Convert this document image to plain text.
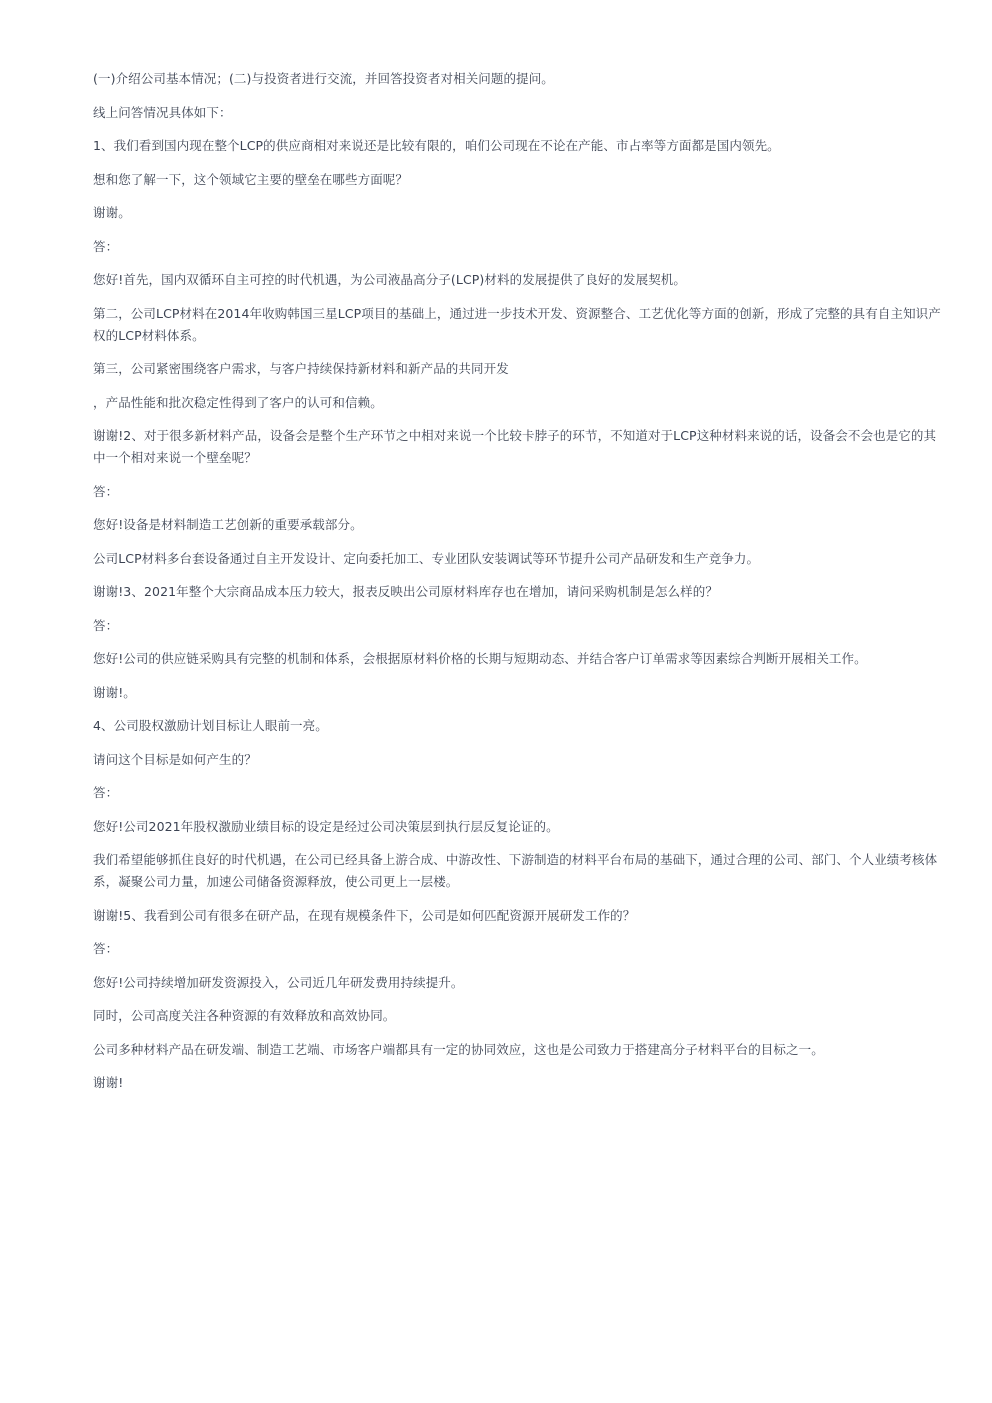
(一)介绍公司基本情况；(二)与投资者进行交流，并回答投资者对相关问题的提问。

线上问答情况具体如下：

1、我们看到国内现在整个LCP的供应商相对来说还是比较有限的，咱们公司现在不论在产能、市占率等方面都是国内领先。

想和您了解一下，这个领域它主要的壁垒在哪些方面呢？

谢谢。

答：

您好!首先，国内双循环自主可控的时代机遇，为公司液晶高分子(LCP)材料的发展提供了良好的发展契机。

第二，公司LCP材料在2014年收购韩国三星LCP项目的基础上，通过进一步技术开发、资源整合、工艺优化等方面的创新，形成了完整的具有自主知识产权的LCP材料体系。

第三，公司紧密围绕客户需求，与客户持续保持新材料和新产品的共同开发

，产品性能和批次稳定性得到了客户的认可和信赖。

谢谢!2、对于很多新材料产品，设备会是整个生产环节之中相对来说一个比较卡脖子的环节，不知道对于LCP这种材料来说的话，设备会不会也是它的其中一个相对来说一个壁垒呢？

答：

您好!设备是材料制造工艺创新的重要承载部分。

公司LCP材料多台套设备通过自主开发设计、定向委托加工、专业团队安装调试等环节提升公司产品研发和生产竞争力。

谢谢!3、2021年整个大宗商品成本压力较大，报表反映出公司原材料库存也在增加，请问采购机制是怎么样的？

答：

您好!公司的供应链采购具有完整的机制和体系，会根据原材料价格的长期与短期动态、并结合客户订单需求等因素综合判断开展相关工作。

谢谢!。

4、公司股权激励计划目标让人眼前一亮。

请问这个目标是如何产生的？

答：

您好!公司2021年股权激励业绩目标的设定是经过公司决策层到执行层反复论证的。

我们希望能够抓住良好的时代机遇，在公司已经具备上游合成、中游改性、下游制造的材料平台布局的基础下，通过合理的公司、部门、个人业绩考核体系，凝聚公司力量，加速公司储备资源释放，使公司更上一层楼。

谢谢!5、我看到公司有很多在研产品，在现有规模条件下，公司是如何匹配资源开展研发工作的？

答：

您好!公司持续增加研发资源投入，公司近几年研发费用持续提升。

同时，公司高度关注各种资源的有效释放和高效协同。

公司多种材料产品在研发端、制造工艺端、市场客户端都具有一定的协同效应，这也是公司致力于搭建高分子材料平台的目标之一。

谢谢!
